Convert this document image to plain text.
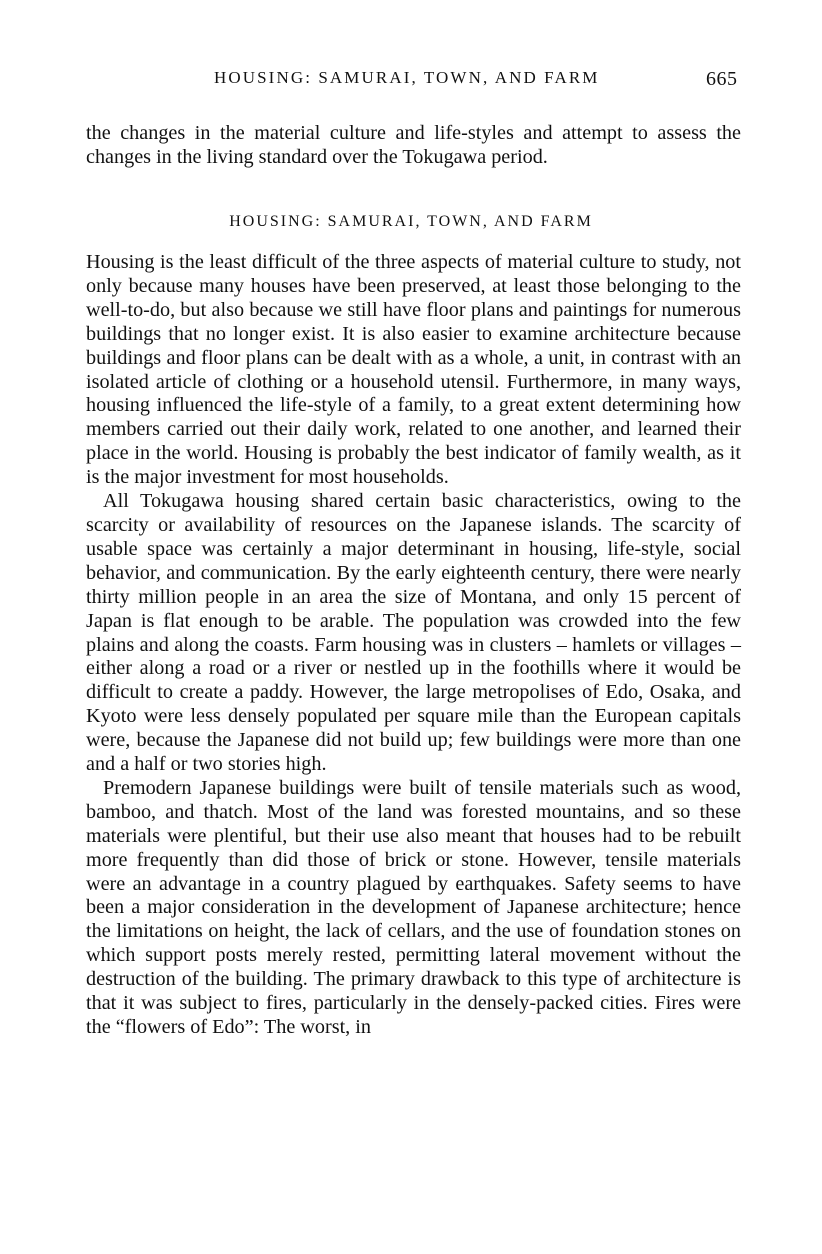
HOUSING: SAMURAI, TOWN, AND FARM	665

the changes in the material culture and life-styles and attempt to assess the changes in the living standard over the Tokugawa period.

HOUSING: SAMURAI, TOWN, AND FARM

Housing is the least difficult of the three aspects of material culture to study, not only because many houses have been preserved, at least those belonging to the well-to-do, but also because we still have floor plans and paintings for numerous buildings that no longer exist. It is also easier to examine architecture because buildings and floor plans can be dealt with as a whole, a unit, in contrast with an isolated article of clothing or a household utensil. Furthermore, in many ways, housing influenced the life-style of a family, to a great extent determining how members carried out their daily work, related to one another, and learned their place in the world. Housing is probably the best indicator of family wealth, as it is the major investment for most households.

All Tokugawa housing shared certain basic characteristics, owing to the scarcity or availability of resources on the Japanese islands. The scarcity of usable space was certainly a major determinant in housing, life-style, social behavior, and communication. By the early eighteenth century, there were nearly thirty million people in an area the size of Montana, and only 15 percent of Japan is flat enough to be arable. The population was crowded into the few plains and along the coasts. Farm housing was in clusters – hamlets or villages – either along a road or a river or nestled up in the foothills where it would be difficult to create a paddy. However, the large metropolises of Edo, Osaka, and Kyoto were less densely populated per square mile than the European capitals were, because the Japanese did not build up; few buildings were more than one and a half or two stories high.

Premodern Japanese buildings were built of tensile materials such as wood, bamboo, and thatch. Most of the land was forested mountains, and so these materials were plentiful, but their use also meant that houses had to be rebuilt more frequently than did those of brick or stone. However, tensile materials were an advantage in a country plagued by earthquakes. Safety seems to have been a major consideration in the development of Japanese architecture; hence the limitations on height, the lack of cellars, and the use of foundation stones on which support posts merely rested, permitting lateral movement without the destruction of the building. The primary drawback to this type of architecture is that it was subject to fires, particularly in the densely-packed cities. Fires were the “flowers of Edo”: The worst, in
